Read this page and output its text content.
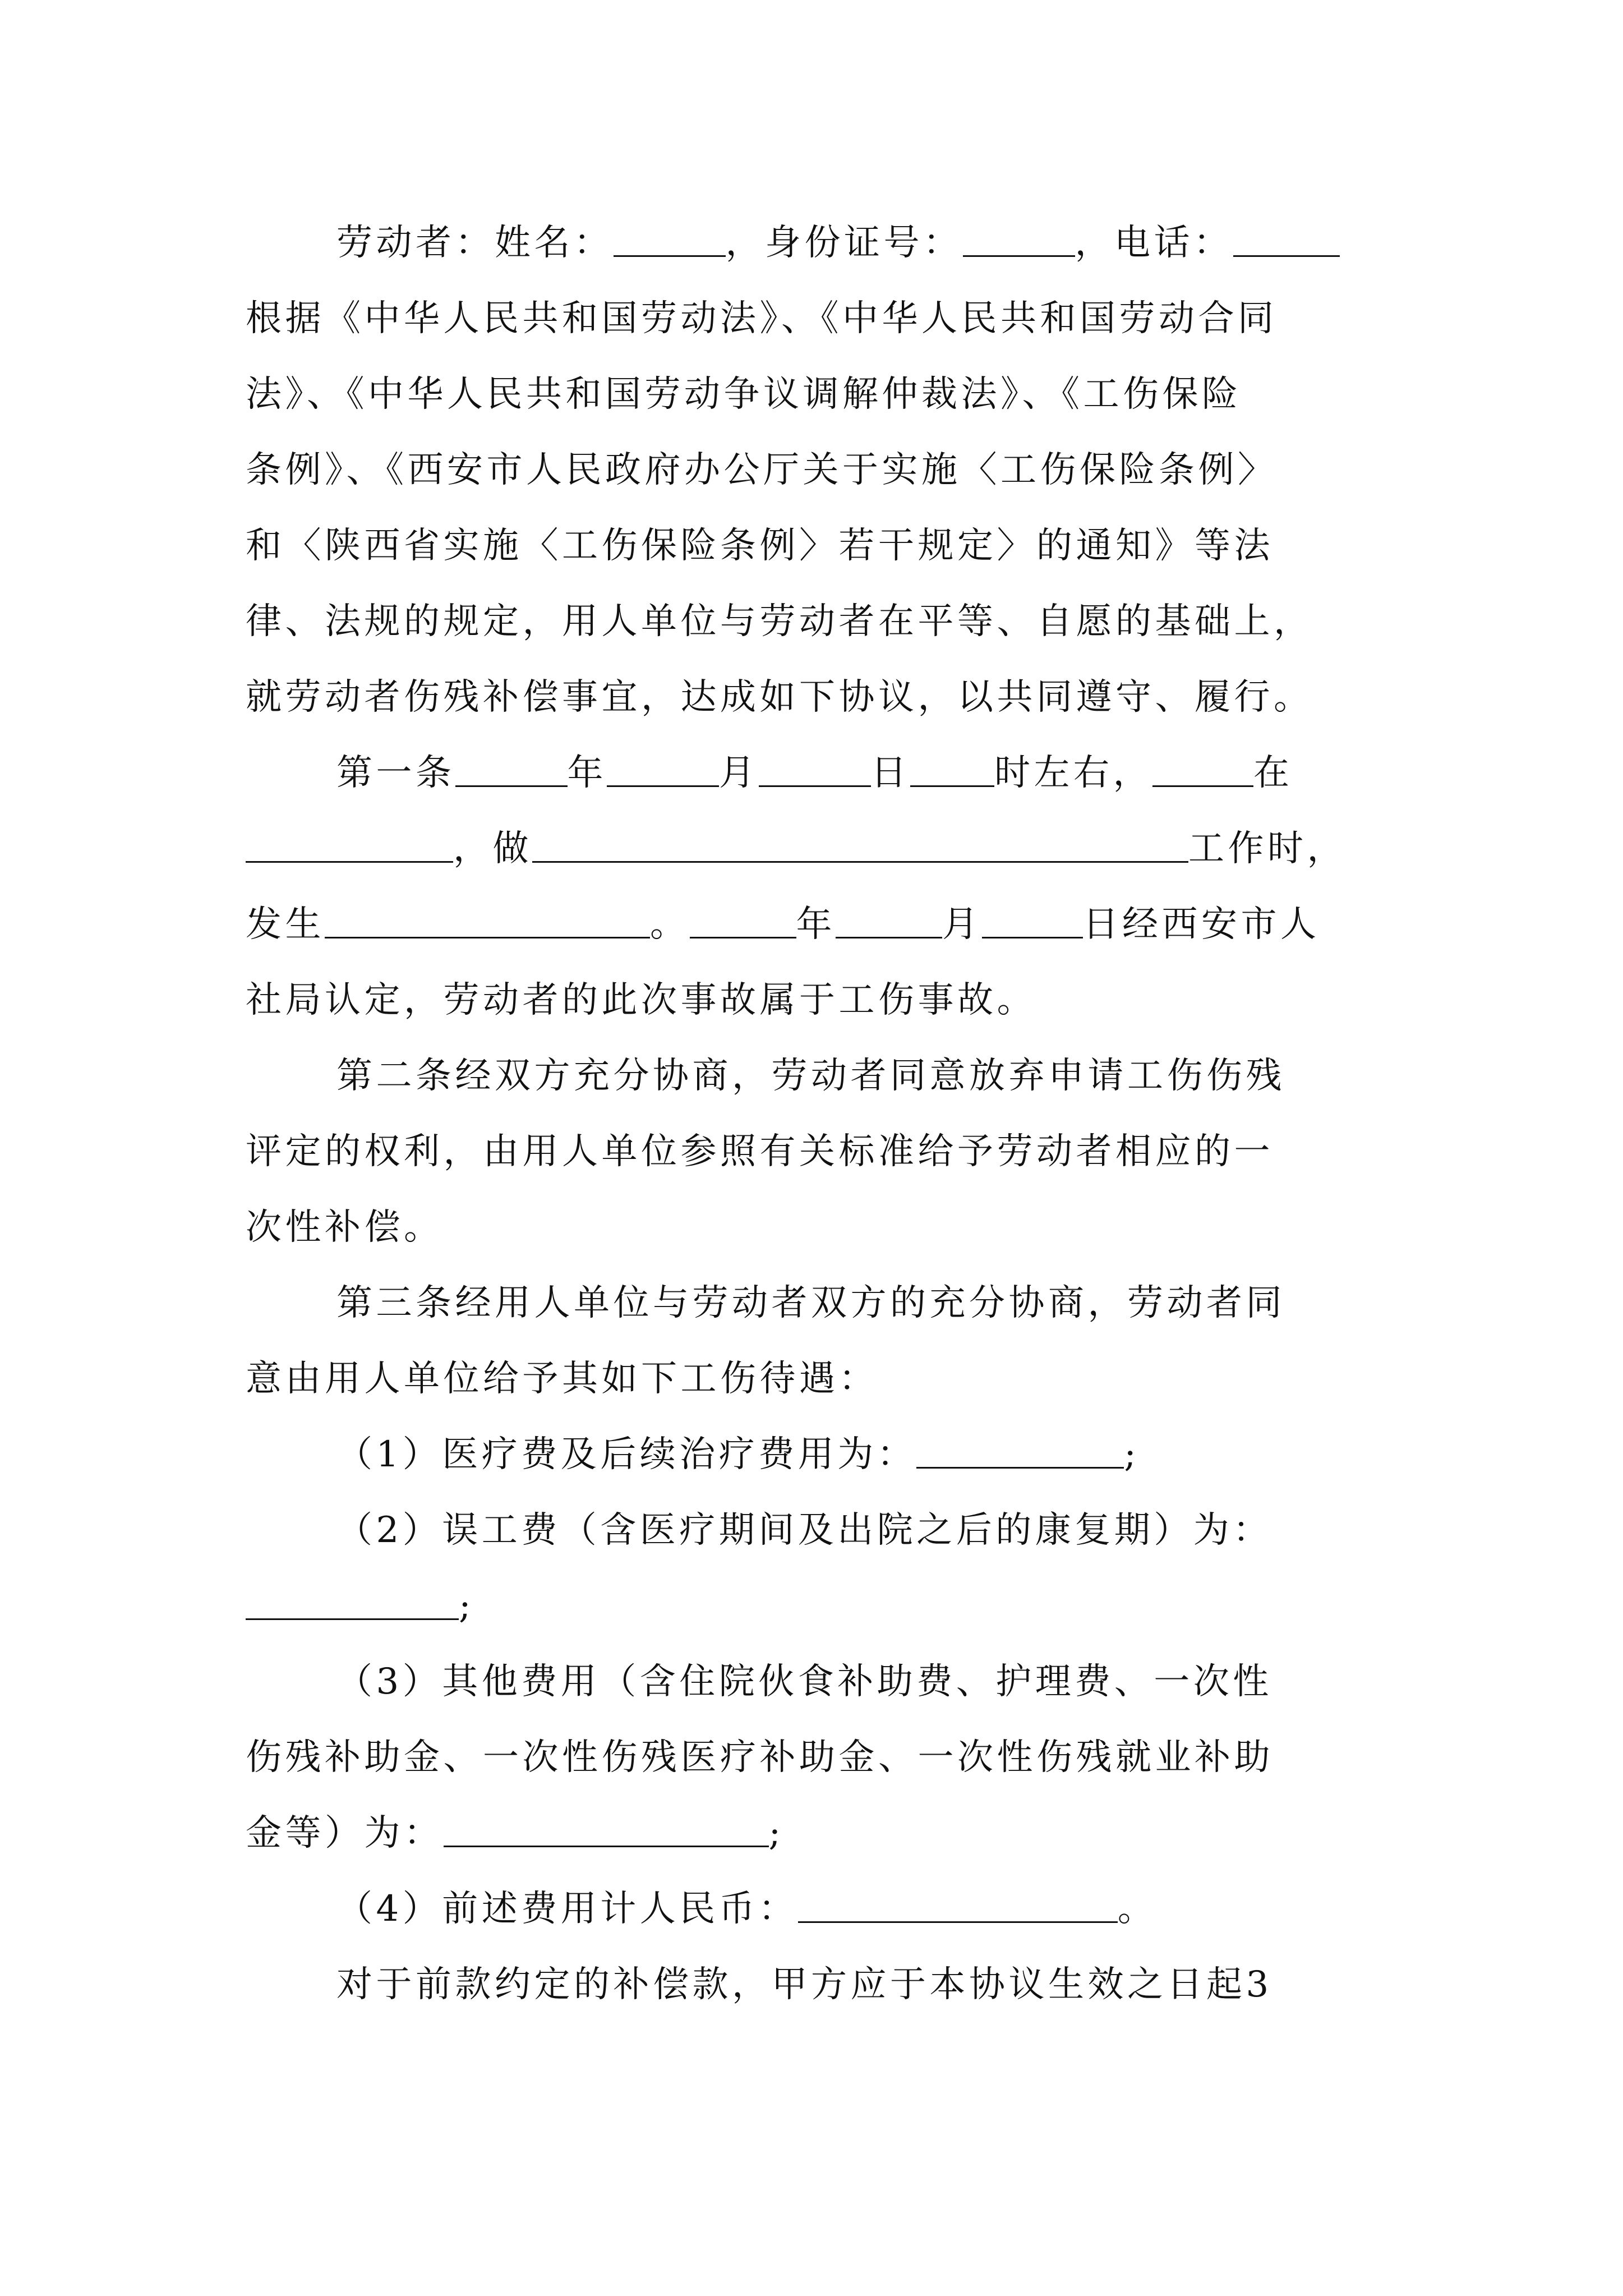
劳动者：姓名：	，身份证号：	，电话：
根据《中华人民共和国劳动法》、《中华人民共和国劳动合同
法》、《中华人民共和国劳动争议调解仲裁法》、《工伤保险
条例》、《西安市人民政府办公厅关于实施〈工伤保险条例〉
和〈陕西省实施〈工伤保险条例〉若干规定〉的通知》等法
律、法规的规定，用人单位与劳动者在平等、自愿的基础上，
就劳动者伤残补偿事宜，达成如下协议，以共同遵守、履行。
第一条	年	月	日 时左右，	在
，做	工作时，
发生	。	年	月	日经西安市人
社局认定，劳动者的此次事故属于工伤事故。
第二条经双方充分协商，劳动者同意放弃申请工伤伤残
评定的权利，由用人单位参照有关标准给予劳动者相应的一
次性补偿。
第三条经用人单位与劳动者双方的充分协商，劳动者同
意由用人单位给予其如下工伤待遇：
（1）医疗费及后续治疗费用为：	;
（2）误工费（含医疗期间及出院之后的康复期）为：
;
（3）其他费用（含住院伙食补助费、护理费、一次性
伤残补助金、一次性伤残医疗补助金、一次性伤残就业补助
金等）为：	;
（4）前述费用计人民币：	。
对于前款约定的补偿款，甲方应于本协议生效之日起3
